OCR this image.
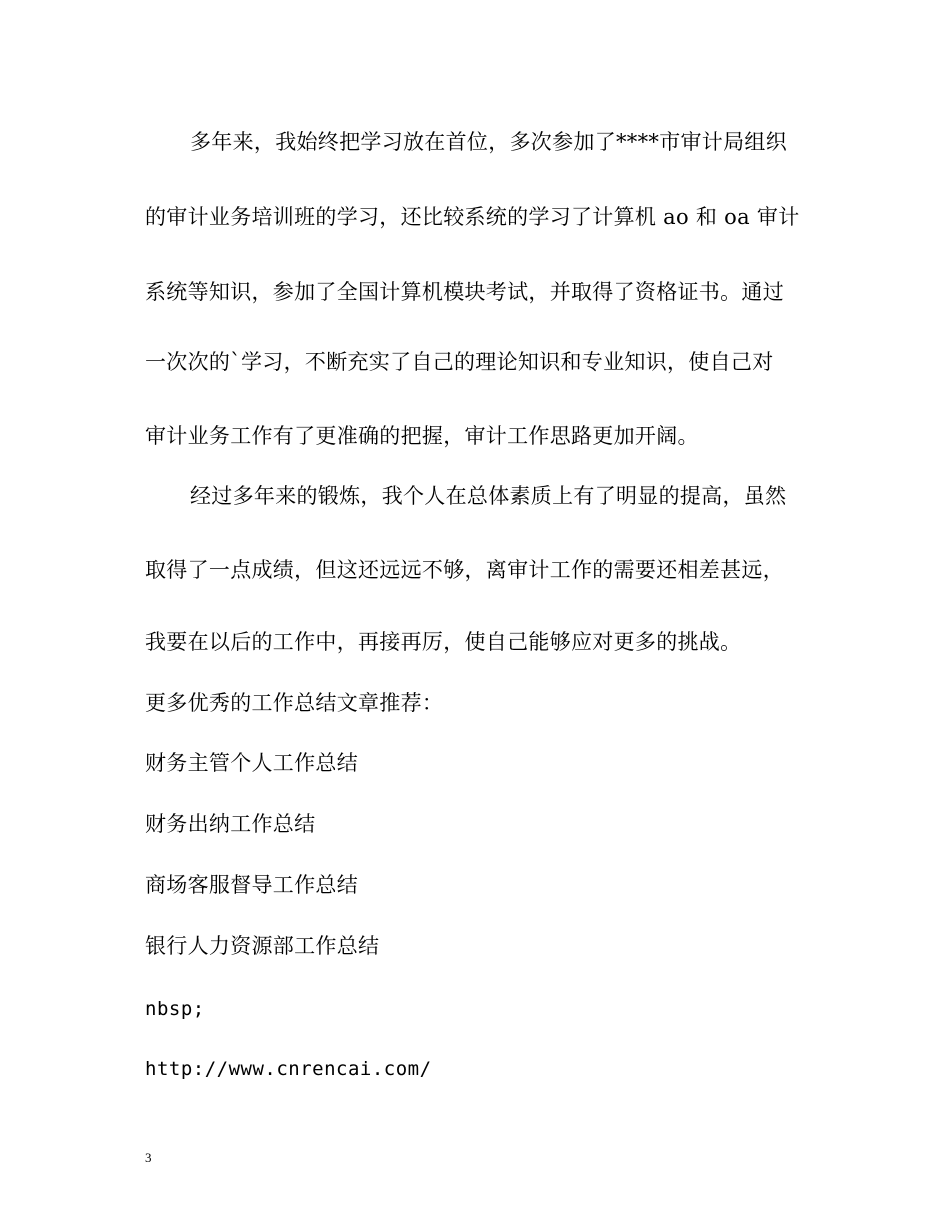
多年来，我始终把学习放在首位，多次参加了****市审计局组织
的审计业务培训班的学习，还比较系统的学习了计算机 ao 和 oa 审计
系统等知识，参加了全国计算机模块考试，并取得了资格证书。通过
一次次的`学习，不断充实了自己的理论知识和专业知识，使自己对
审计业务工作有了更准确的把握，审计工作思路更加开阔。
经过多年来的锻炼，我个人在总体素质上有了明显的提高，虽然
取得了一点成绩，但这还远远不够，离审计工作的需要还相差甚远，
我要在以后的工作中，再接再厉，使自己能够应对更多的挑战。
更多优秀的工作总结文章推荐：
财务主管个人工作总结
财务出纳工作总结
商场客服督导工作总结
银行人力资源部工作总结
nbsp;
http://www.cnrencai.com/
3
